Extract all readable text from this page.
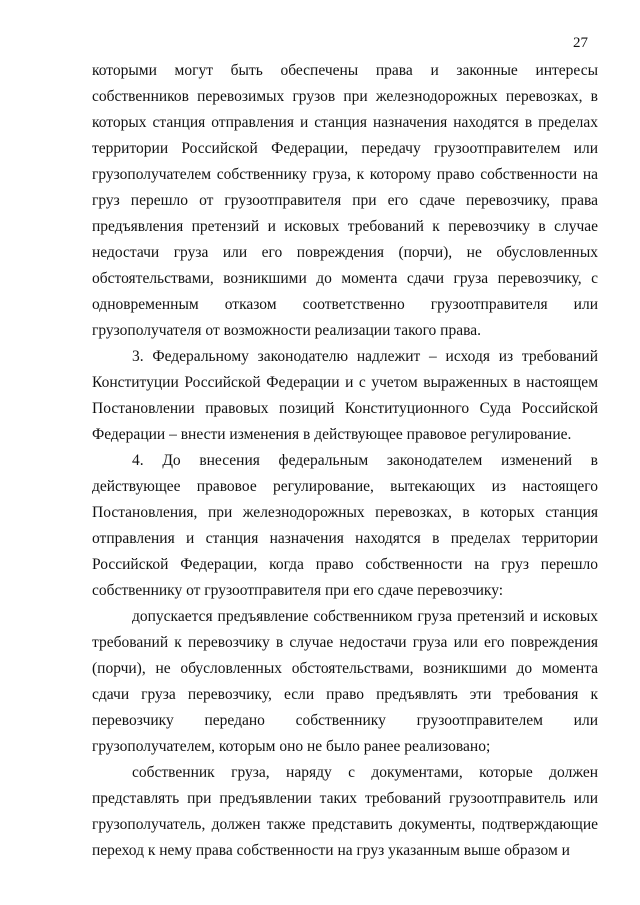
27

которыми могут быть обеспечены права и законные интересы собственников перевозимых грузов при железнодорожных перевозках, в которых станция отправления и станция назначения находятся в пределах территории Российской Федерации, передачу грузоотправителем или грузополучателем собственнику груза, к которому право собственности на груз перешло от грузоотправителя при его сдаче перевозчику, права предъявления претензий и исковых требований к перевозчику в случае недостачи груза или его повреждения (порчи), не обусловленных обстоятельствами, возникшими до момента сдачи груза перевозчику, с одновременным отказом соответственно грузоотправителя или грузополучателя от возможности реализации такого права.

3. Федеральному законодателю надлежит – исходя из требований Конституции Российской Федерации и с учетом выраженных в настоящем Постановлении правовых позиций Конституционного Суда Российской Федерации – внести изменения в действующее правовое регулирование.

4. До внесения федеральным законодателем изменений в действующее правовое регулирование, вытекающих из настоящего Постановления, при железнодорожных перевозках, в которых станция отправления и станция назначения находятся в пределах территории Российской Федерации, когда право собственности на груз перешло собственнику от грузоотправителя при его сдаче перевозчику:

допускается предъявление собственником груза претензий и исковых требований к перевозчику в случае недостачи груза или его повреждения (порчи), не обусловленных обстоятельствами, возникшими до момента сдачи груза перевозчику, если право предъявлять эти требования к перевозчику передано собственнику грузоотправителем или грузополучателем, которым оно не было ранее реализовано;

собственник груза, наряду с документами, которые должен представлять при предъявлении таких требований грузоотправитель или грузополучатель, должен также представить документы, подтверждающие переход к нему права собственности на груз указанным выше образом и
